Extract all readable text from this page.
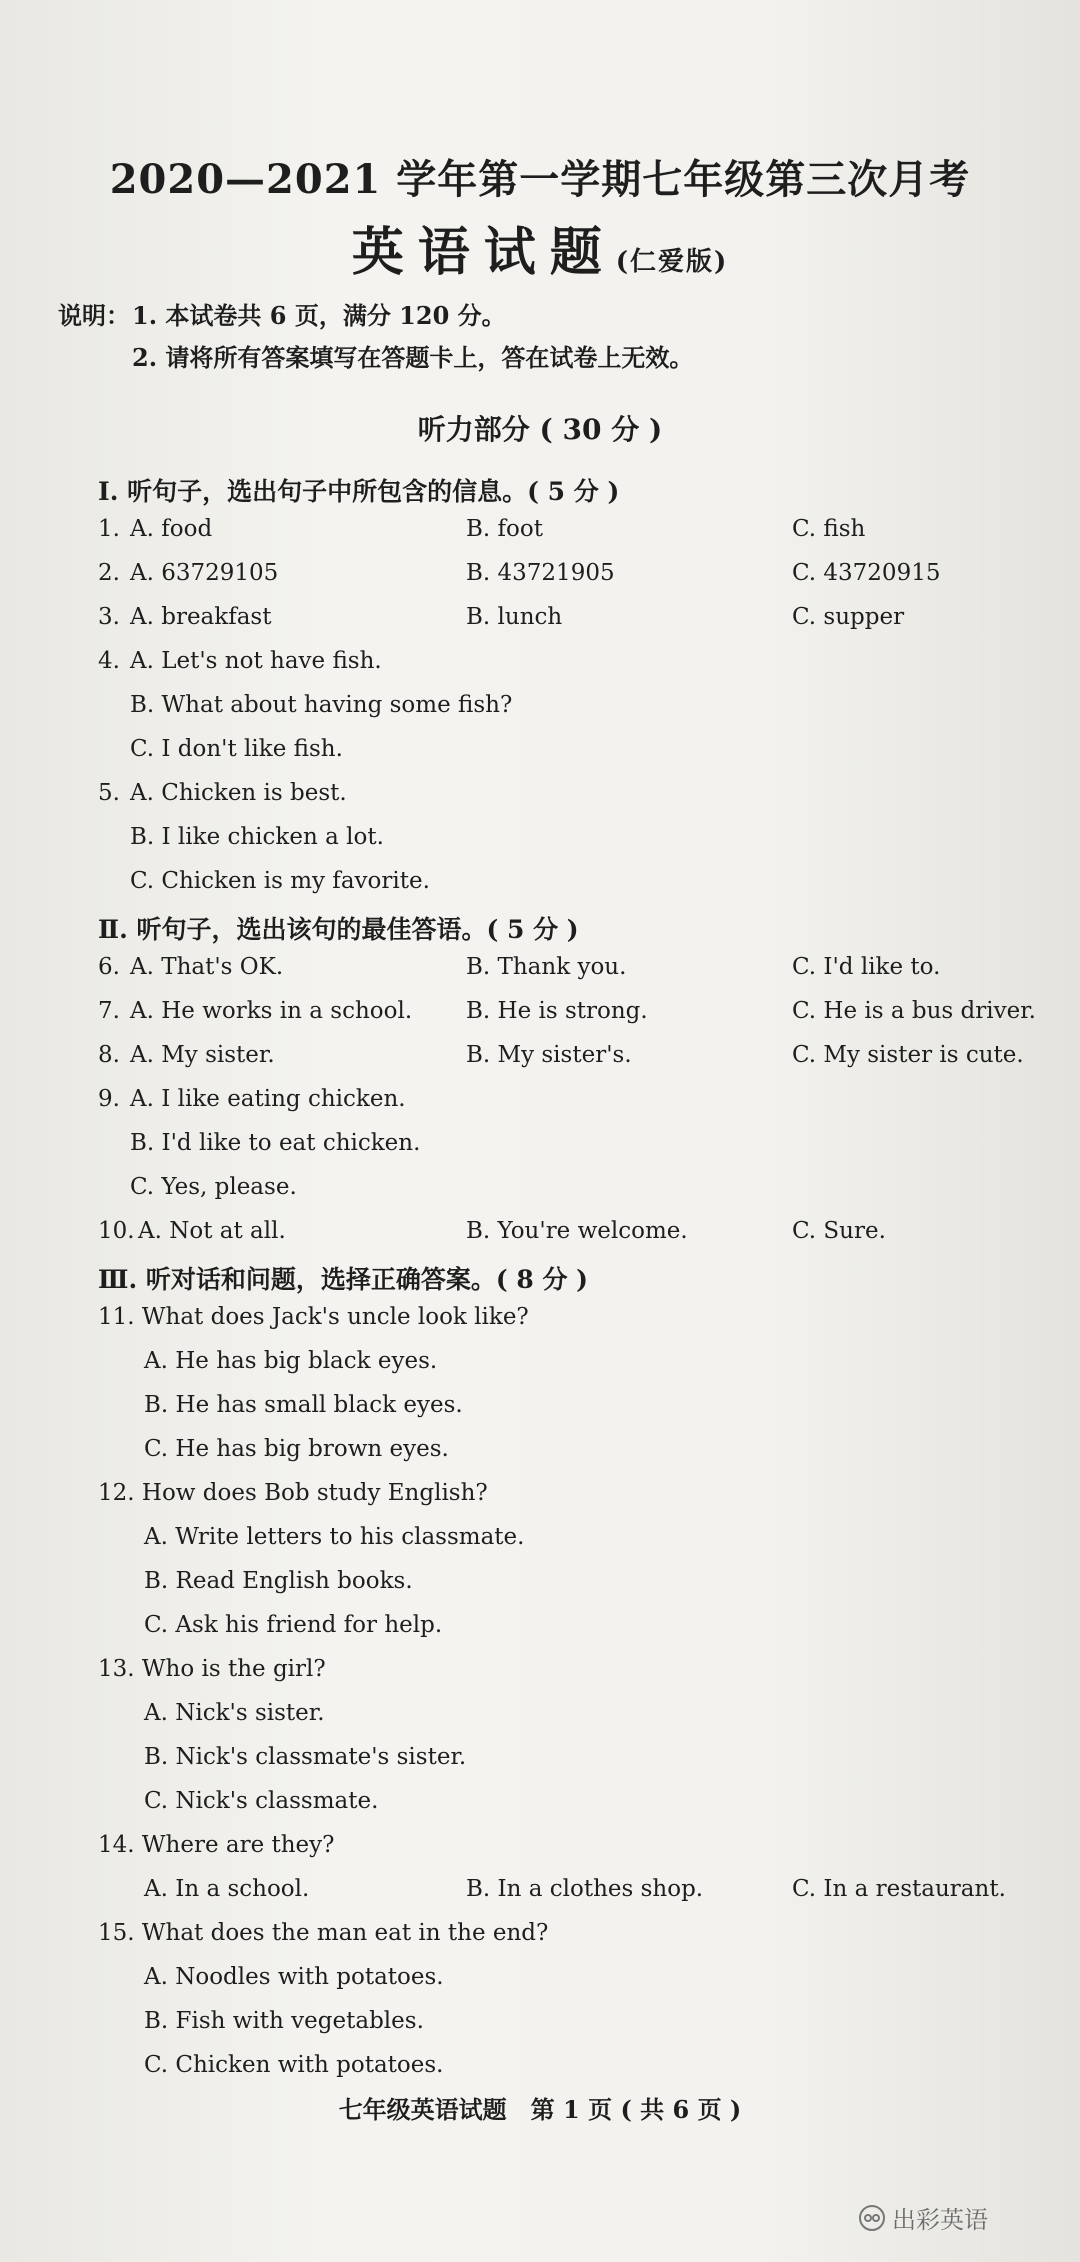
2020—2021 学年第一学期七年级第三次月考
英语试题(仁爱版)
说明： 1. 本试卷共 6 页，满分 120 分。
2. 请将所有答案填写在答题卡上，答在试卷上无效。
听力部分 ( 30 分 )
Ⅰ. 听句子，选出句子中所包含的信息。( 5 分 )
1. A. food	B. foot	C. fish
2. A. 63729105	B. 43721905	C. 43720915
3. A. breakfast	B. lunch	C. supper
4. A. Let's not have fish.
B. What about having some fish?
C. I don't like fish.
5. A. Chicken is best.
B. I like chicken a lot.
C. Chicken is my favorite.
Ⅱ. 听句子，选出该句的最佳答语。( 5 分 )
6. A. That's OK.	B. Thank you.	C. I'd like to.
7. A. He works in a school. B. He is strong.	C. He is a bus driver.
8. A. My sister.	B. My sister's.	C. My sister is cute.
9. A. I like eating chicken.
B. I'd like to eat chicken.
C. Yes, please.
10. A. Not at all.	B. You're welcome.	C. Sure.
Ⅲ. 听对话和问题，选择正确答案。( 8 分 )
11. What does Jack's uncle look like?
A. He has big black eyes.
B. He has small black eyes.
C. He has big brown eyes.
12. How does Bob study English?
A. Write letters to his classmate.
B. Read English books.
C. Ask his friend for help.
13. Who is the girl?
A. Nick's sister.
B. Nick's classmate's sister.
C. Nick's classmate.
14. Where are they?
A. In a school.	B. In a clothes shop.	C. In a restaurant.
15. What does the man eat in the end?
A. Noodles with potatoes.
B. Fish with vegetables.
C. Chicken with potatoes.
七年级英语试题　第 1 页 ( 共 6 页 )
出彩英语
